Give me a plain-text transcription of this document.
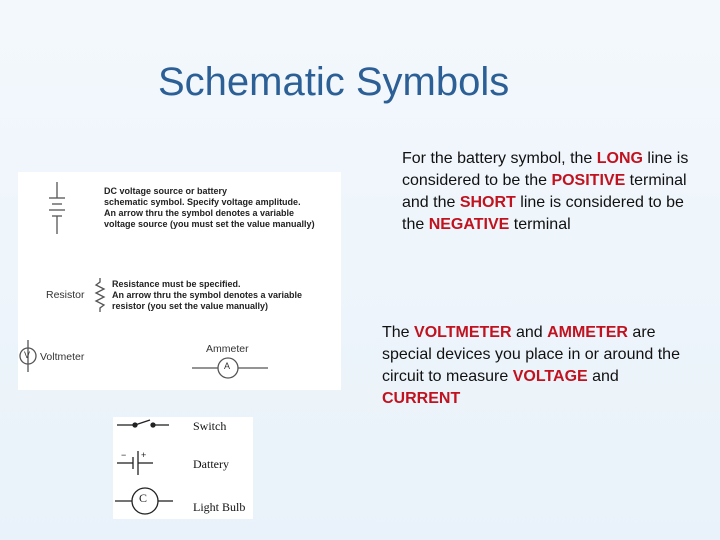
Schematic Symbols
For the battery symbol, the LONG line is considered to be the POSITIVE terminal and the SHORT line is considered to be the NEGATIVE terminal
The VOLTMETER and AMMETER are special devices you place in or around the circuit to measure VOLTAGE and CURRENT
DC voltage source or battery
schematic symbol. Specify voltage amplitude.
An arrow thru the symbol denotes a variable
voltage source (you must set the value manually)
Resistor
Resistance must be specified.
An arrow thru the symbol denotes a variable
resistor (you set the value manually)
V Voltmeter
Ammeter
A
Switch
Dattery
Light Bulb
− +
C
